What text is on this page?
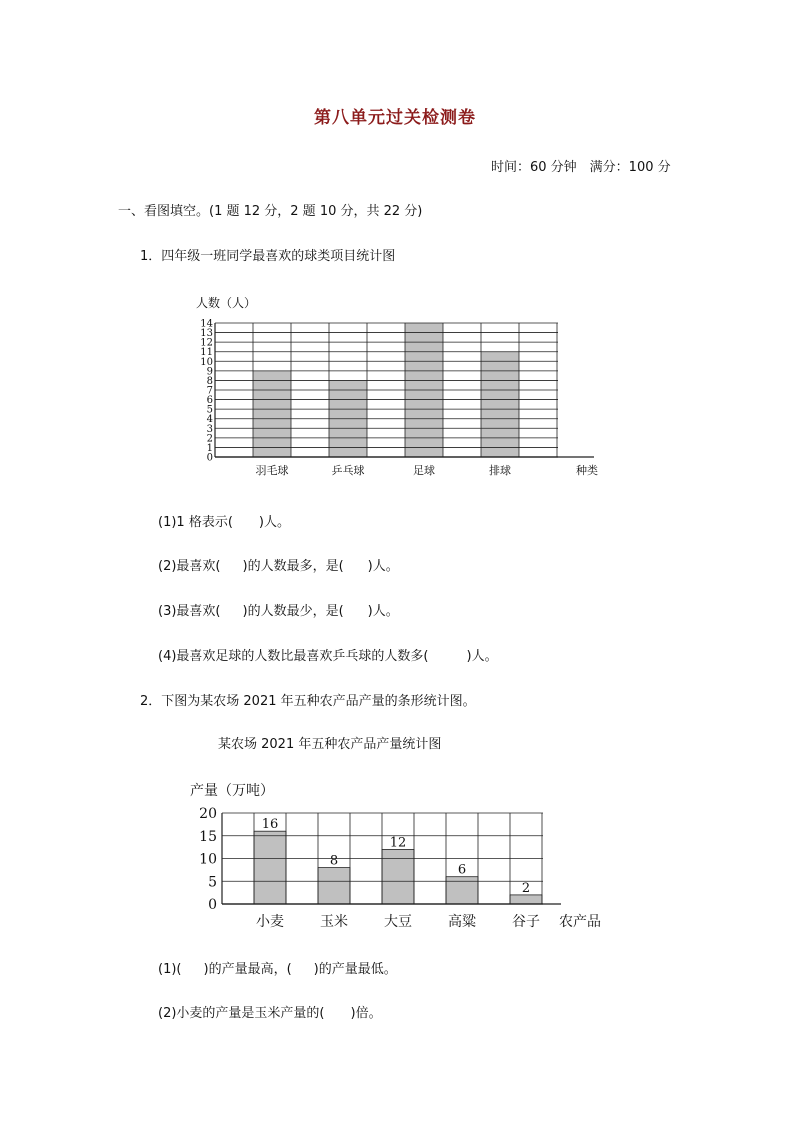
第八单元过关检测卷
时间：60 分钟　满分：100 分
一、看图填空。(1 题 12 分，2 题 10 分，共 22 分)
1．四年级一班同学最喜欢的球类项目统计图
0
1
2
3
4
5
6
7
8
9
10
11
12
13
14
羽毛球	乒乓球	足球	排球
人数（人）
种类
(1)1 格表示( )人。
(2)最喜欢( )的人数最多，是( )人。
(3)最喜欢( )的人数最少，是( )人。
(4)最喜欢足球的人数比最喜欢乒乓球的人数多(	)人。
2．下图为某农场 2021 年五种农产品产量的条形统计图。
某农场 2021 年五种农产品产量统计图
16
8
12
6
2
0
5
10
15
20
小麦	玉米	大豆	高粱	谷子
产量（万吨）
农产品
(1)( )的产量最高，( )的产量最低。
(2)小麦的产量是玉米产量的( )倍。
